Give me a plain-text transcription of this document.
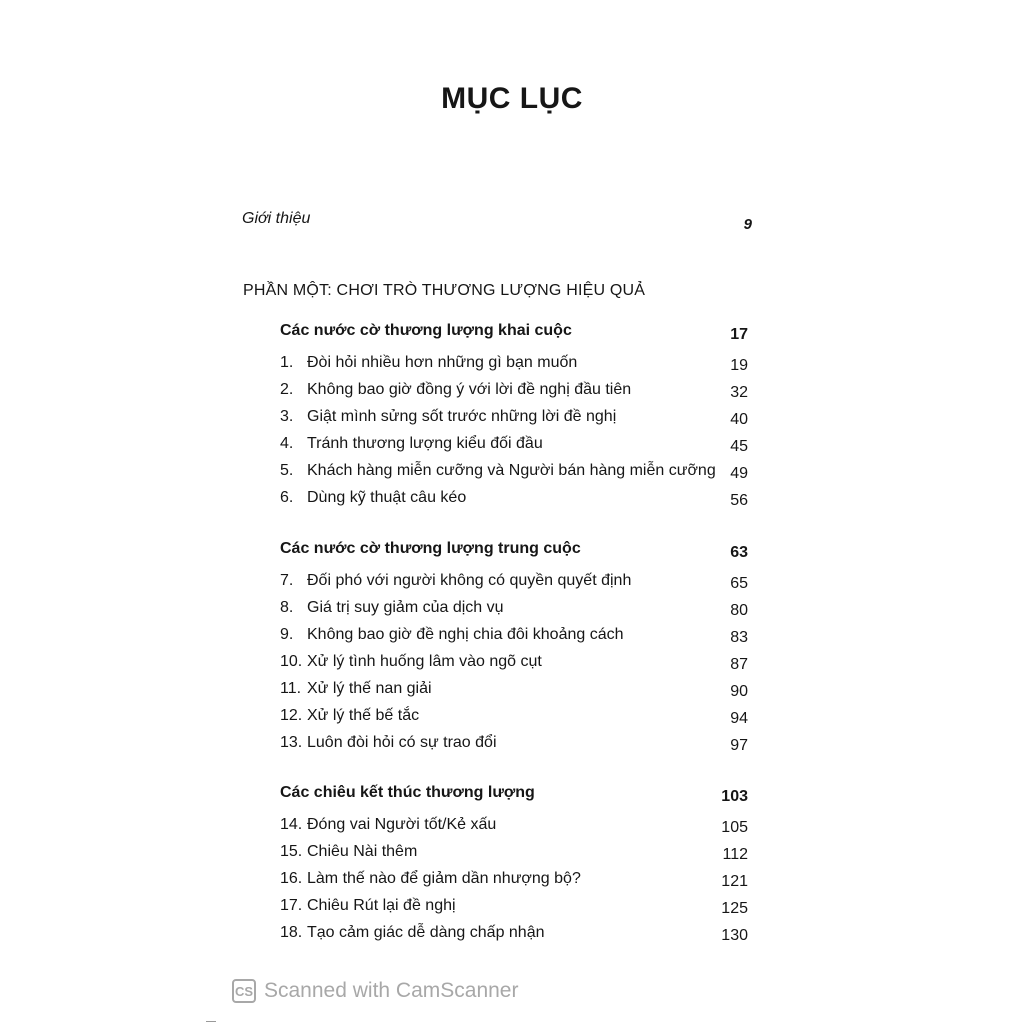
MỤC LỤC
Giới thiệu	9
PHẦN MỘT: CHƠI TRÒ THƯƠNG LƯỢNG HIỆU QUẢ
Các nước cờ thương lượng khai cuộc	17
1. Đòi hỏi nhiều hơn những gì bạn muốn	19
2. Không bao giờ đồng ý với lời đề nghị đầu tiên	32
3. Giật mình sửng sốt trước những lời đề nghị	40
4. Tránh thương lượng kiểu đối đầu	45
5. Khách hàng miễn cưỡng và Người bán hàng miễn cưỡng 49
6. Dùng kỹ thuật câu kéo	56
Các nước cờ thương lượng trung cuộc	63
7. Đối phó với người không có quyền quyết định	65
8. Giá trị suy giảm của dịch vụ	80
9. Không bao giờ đề nghị chia đôi khoảng cách	83
10. Xử lý tình huống lâm vào ngõ cụt	87
11. Xử lý thế nan giải	90
12. Xử lý thế bế tắc	94
13. Luôn đòi hỏi có sự trao đổi	97
Các chiêu kết thúc thương lượng	103
14. Đóng vai Người tốt/Kẻ xấu	105
15. Chiêu Nài thêm	112
16. Làm thế nào để giảm dần nhượng bộ?	121
17. Chiêu Rút lại đề nghị	125
18. Tạo cảm giác dễ dàng chấp nhận	130
CS Scanned with CamScanner
